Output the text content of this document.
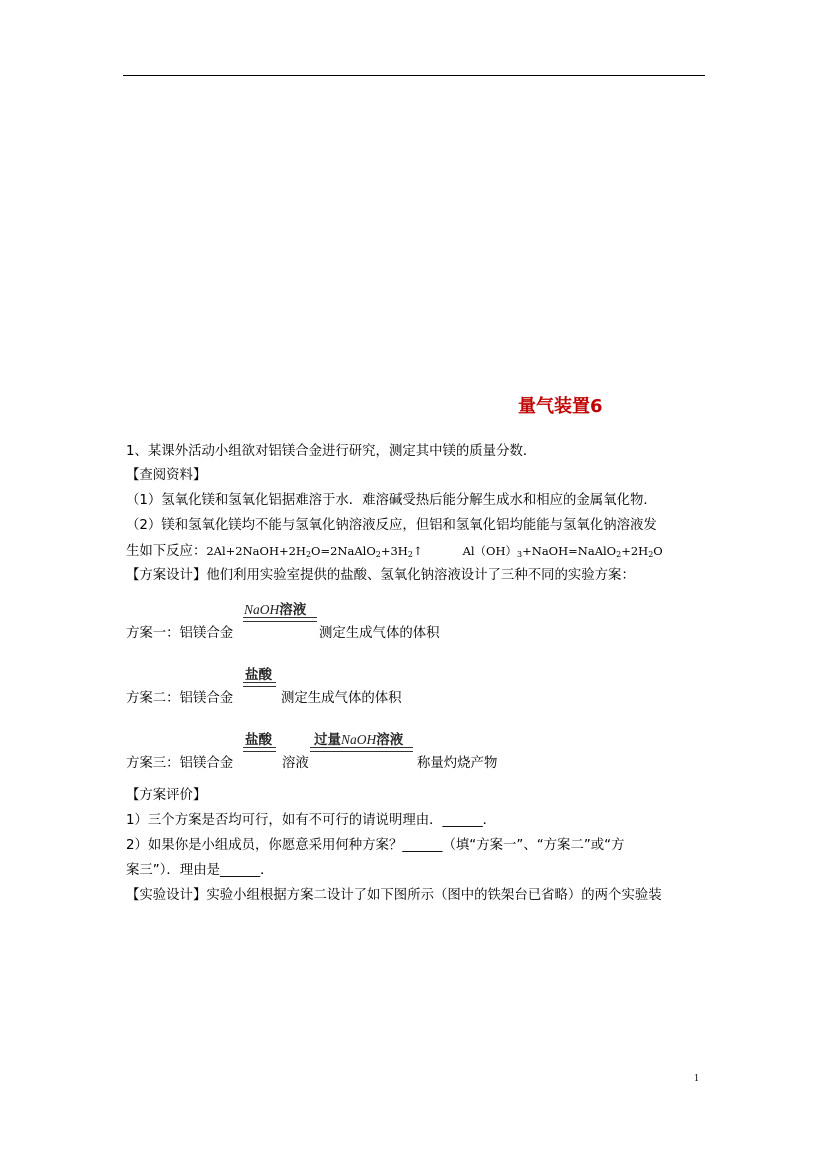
量气装置6
1、某课外活动小组欲对铝镁合金进行研究，测定其中镁的质量分数．
【查阅资料】
（1）氢氧化镁和氢氧化铝据难溶于水．难溶碱受热后能分解生成水和相应的金属氧化物．
（2）镁和氢氧化镁均不能与氢氧化钠溶液反应，但铝和氢氧化铝均能能与氢氧化钠溶液发
生如下反应：$2Al+2NaOH+2H_2O=2NaAlO_2+3H_2↑$	$Al(OH)_3+NaOH=NaAlO_2+2H_2O$
【方案设计】他们利用实验室提供的盐酸、氢氧化钠溶液设计了三种不同的实验方案：
NaOH溶液
方案一：铝镁合金	测定生成气体的体积
盐酸
方案二：铝镁合金	测定生成气体的体积
盐酸	过量NaOH溶液
方案三：铝镁合金	溶液	称量灼烧产物
【方案评价】
1）三个方案是否均可行，如有不可行的请说明理由．______．
2）如果你是小组成员，你愿意采用何种方案？______（填“方案一”、“方案二”或“方
案三”）．理由是______．
【实验设计】实验小组根据方案二设计了如下图所示（图中的铁架台已省略）的两个实验装
1
